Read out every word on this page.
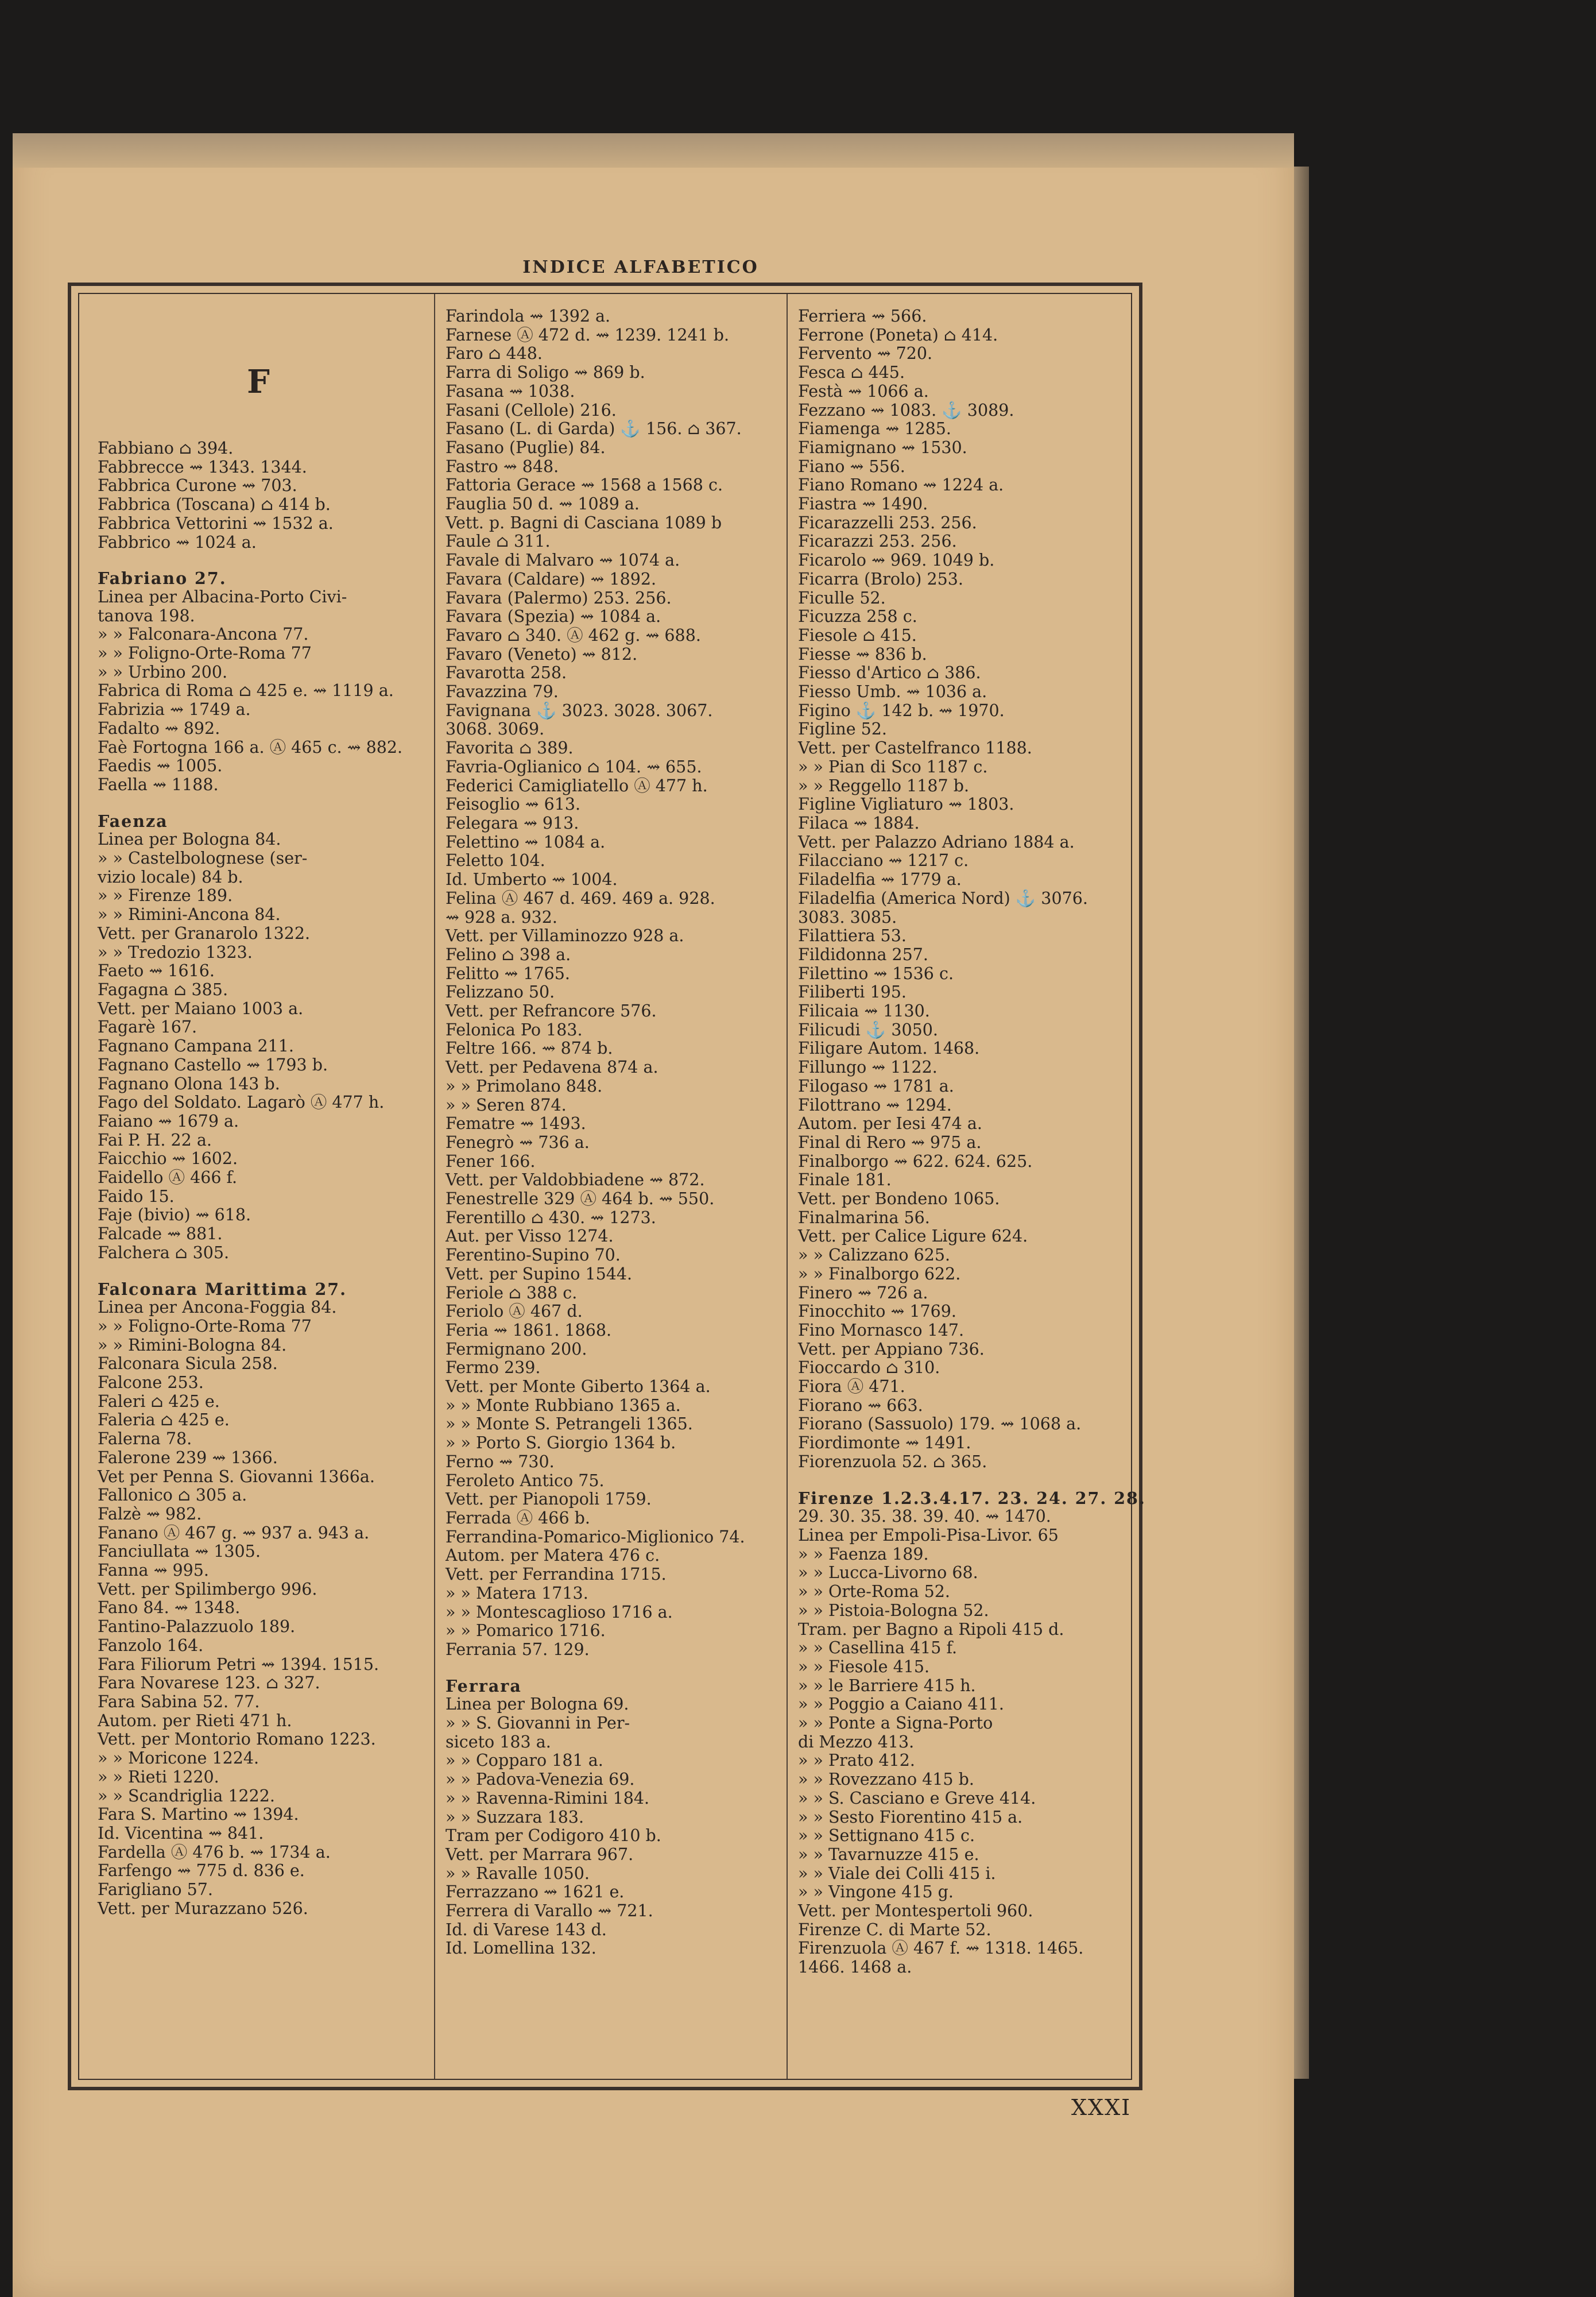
INDICE ALFABETICO
F
Fabbiano ⌂ 394.
Fabbrecce ⇝ 1343. 1344.
Fabbrica Curone ⇝ 703.
Fabbrica (Toscana) ⌂ 414 b.
Fabbrica Vettorini ⇝ 1532 a.
Fabbrico ⇝ 1024 a.
Fabriano 27.
Linea per Albacina-Porto Civi-
tanova 198.
» » Falconara-Ancona 77.
» » Foligno-Orte-Roma 77
» » Urbino 200.
Fabrica di Roma ⌂ 425 e. ⇝ 1119 a.
Fabrizia ⇝ 1749 a.
Fadalto ⇝ 892.
Faè Fortogna 166 a. Ⓐ 465 c. ⇝ 882.
Faedis ⇝ 1005.
Faella ⇝ 1188.
Faenza
Linea per Bologna 84.
» » Castelbolognese (ser-
vizio locale) 84 b.
» » Firenze 189.
» » Rimini-Ancona 84.
Vett. per Granarolo 1322.
» » Tredozio 1323.
Faeto ⇝ 1616.
Fagagna ⌂ 385.
Vett. per Maiano 1003 a.
Fagarè 167.
Fagnano Campana 211.
Fagnano Castello ⇝ 1793 b.
Fagnano Olona 143 b.
Fago del Soldato. Lagarò Ⓐ 477 h.
Faiano ⇝ 1679 a.
Fai P. H. 22 a.
Faicchio ⇝ 1602.
Faidello Ⓐ 466 f.
Faido 15.
Faje (bivio) ⇝ 618.
Falcade ⇝ 881.
Falchera ⌂ 305.
Falconara Marittima 27.
Linea per Ancona-Foggia 84.
» » Foligno-Orte-Roma 77
» » Rimini-Bologna 84.
Falconara Sicula 258.
Falcone 253.
Faleri ⌂ 425 e.
Faleria ⌂ 425 e.
Falerna 78.
Falerone 239 ⇝ 1366.
Vet per Penna S. Giovanni 1366a.
Fallonico ⌂ 305 a.
Falzè ⇝ 982.
Fanano Ⓐ 467 g. ⇝ 937 a. 943 a.
Fanciullata ⇝ 1305.
Fanna ⇝ 995.
Vett. per Spilimbergo 996.
Fano 84. ⇝ 1348.
Fantino-Palazzuolo 189.
Fanzolo 164.
Fara Filiorum Petri ⇝ 1394. 1515.
Fara Novarese 123. ⌂ 327.
Fara Sabina 52. 77.
Autom. per Rieti 471 h.
Vett. per Montorio Romano 1223.
» » Moricone 1224.
» » Rieti 1220.
» » Scandriglia 1222.
Fara S. Martino ⇝ 1394.
Id. Vicentina ⇝ 841.
Fardella Ⓐ 476 b. ⇝ 1734 a.
Farfengo ⇝ 775 d. 836 e.
Farigliano 57.
Vett. per Murazzano 526.
Farindola ⇝ 1392 a.
Farnese Ⓐ 472 d. ⇝ 1239. 1241 b.
Faro ⌂ 448.
Farra di Soligo ⇝ 869 b.
Fasana ⇝ 1038.
Fasani (Cellole) 216.
Fasano (L. di Garda) ⚓ 156. ⌂ 367.
Fasano (Puglie) 84.
Fastro ⇝ 848.
Fattoria Gerace ⇝ 1568 a 1568 c.
Fauglia 50 d. ⇝ 1089 a.
Vett. p. Bagni di Casciana 1089 b
Faule ⌂ 311.
Favale di Malvaro ⇝ 1074 a.
Favara (Caldare) ⇝ 1892.
Favara (Palermo) 253. 256.
Favara (Spezia) ⇝ 1084 a.
Favaro ⌂ 340. Ⓐ 462 g. ⇝ 688.
Favaro (Veneto) ⇝ 812.
Favarotta 258.
Favazzina 79.
Favignana ⚓ 3023. 3028. 3067.
3068. 3069.
Favorita ⌂ 389.
Favria-Oglianico ⌂ 104. ⇝ 655.
Federici Camigliatello Ⓐ 477 h.
Feisoglio ⇝ 613.
Felegara ⇝ 913.
Felettino ⇝ 1084 a.
Feletto 104.
Id. Umberto ⇝ 1004.
Felina Ⓐ 467 d. 469. 469 a. 928.
⇝ 928 a. 932.
Vett. per Villaminozzo 928 a.
Felino ⌂ 398 a.
Felitto ⇝ 1765.
Felizzano 50.
Vett. per Refrancore 576.
Felonica Po 183.
Feltre 166. ⇝ 874 b.
Vett. per Pedavena 874 a.
» » Primolano 848.
» » Seren 874.
Fematre ⇝ 1493.
Fenegrò ⇝ 736 a.
Fener 166.
Vett. per Valdobbiadene ⇝ 872.
Fenestrelle 329 Ⓐ 464 b. ⇝ 550.
Ferentillo ⌂ 430. ⇝ 1273.
Aut. per Visso 1274.
Ferentino-Supino 70.
Vett. per Supino 1544.
Feriole ⌂ 388 c.
Feriolo Ⓐ 467 d.
Feria ⇝ 1861. 1868.
Fermignano 200.
Fermo 239.
Vett. per Monte Giberto 1364 a.
» » Monte Rubbiano 1365 a.
» » Monte S. Petrangeli 1365.
» » Porto S. Giorgio 1364 b.
Ferno ⇝ 730.
Feroleto Antico 75.
Vett. per Pianopoli 1759.
Ferrada Ⓐ 466 b.
Ferrandina-Pomarico-Miglionico 74.
Autom. per Matera 476 c.
Vett. per Ferrandina 1715.
» » Matera 1713.
» » Montescaglioso 1716 a.
» » Pomarico 1716.
Ferrania 57. 129.
Ferrara
Linea per Bologna 69.
» » S. Giovanni in Per-
siceto 183 a.
» » Copparo 181 a.
» » Padova-Venezia 69.
» » Ravenna-Rimini 184.
» » Suzzara 183.
Tram per Codigoro 410 b.
Vett. per Marrara 967.
» » Ravalle 1050.
Ferrazzano ⇝ 1621 e.
Ferrera di Varallo ⇝ 721.
Id. di Varese 143 d.
Id. Lomellina 132.
Ferriera ⇝ 566.
Ferrone (Poneta) ⌂ 414.
Fervento ⇝ 720.
Fesca ⌂ 445.
Festà ⇝ 1066 a.
Fezzano ⇝ 1083. ⚓ 3089.
Fiamenga ⇝ 1285.
Fiamignano ⇝ 1530.
Fiano ⇝ 556.
Fiano Romano ⇝ 1224 a.
Fiastra ⇝ 1490.
Ficarazzelli 253. 256.
Ficarazzi 253. 256.
Ficarolo ⇝ 969. 1049 b.
Ficarra (Brolo) 253.
Ficulle 52.
Ficuzza 258 c.
Fiesole ⌂ 415.
Fiesse ⇝ 836 b.
Fiesso d'Artico ⌂ 386.
Fiesso Umb. ⇝ 1036 a.
Figino ⚓ 142 b. ⇝ 1970.
Figline 52.
Vett. per Castelfranco 1188.
» » Pian di Sco 1187 c.
» » Reggello 1187 b.
Figline Vigliaturo ⇝ 1803.
Filaca ⇝ 1884.
Vett. per Palazzo Adriano 1884 a.
Filacciano ⇝ 1217 c.
Filadelfia ⇝ 1779 a.
Filadelfia (America Nord) ⚓ 3076.
3083. 3085.
Filattiera 53.
Fildidonna 257.
Filettino ⇝ 1536 c.
Filiberti 195.
Filicaia ⇝ 1130.
Filicudi ⚓ 3050.
Filigare Autom. 1468.
Fillungo ⇝ 1122.
Filogaso ⇝ 1781 a.
Filottrano ⇝ 1294.
Autom. per Iesi 474 a.
Final di Rero ⇝ 975 a.
Finalborgo ⇝ 622. 624. 625.
Finale 181.
Vett. per Bondeno 1065.
Finalmarina 56.
Vett. per Calice Ligure 624.
» » Calizzano 625.
» » Finalborgo 622.
Finero ⇝ 726 a.
Finocchito ⇝ 1769.
Fino Mornasco 147.
Vett. per Appiano 736.
Fioccardo ⌂ 310.
Fiora Ⓐ 471.
Fiorano ⇝ 663.
Fiorano (Sassuolo) 179. ⇝ 1068 a.
Fiordimonte ⇝ 1491.
Fiorenzuola 52. ⌂ 365.
Firenze 1.2.3.4.17. 23. 24. 27. 28.
29. 30. 35. 38. 39. 40. ⇝ 1470.
Linea per Empoli-Pisa-Livor. 65
» » Faenza 189.
» » Lucca-Livorno 68.
» » Orte-Roma 52.
» » Pistoia-Bologna 52.
Tram. per Bagno a Ripoli 415 d.
» » Casellina 415 f.
» » Fiesole 415.
» » le Barriere 415 h.
» » Poggio a Caiano 411.
» » Ponte a Signa-Porto
di Mezzo 413.
» » Prato 412.
» » Rovezzano 415 b.
» » S. Casciano e Greve 414.
» » Sesto Fiorentino 415 a.
» » Settignano 415 c.
» » Tavarnuzze 415 e.
» » Viale dei Colli 415 i.
» » Vingone 415 g.
Vett. per Montespertoli 960.
Firenze C. di Marte 52.
Firenzuola Ⓐ 467 f. ⇝ 1318. 1465.
1466. 1468 a.
XXXI
